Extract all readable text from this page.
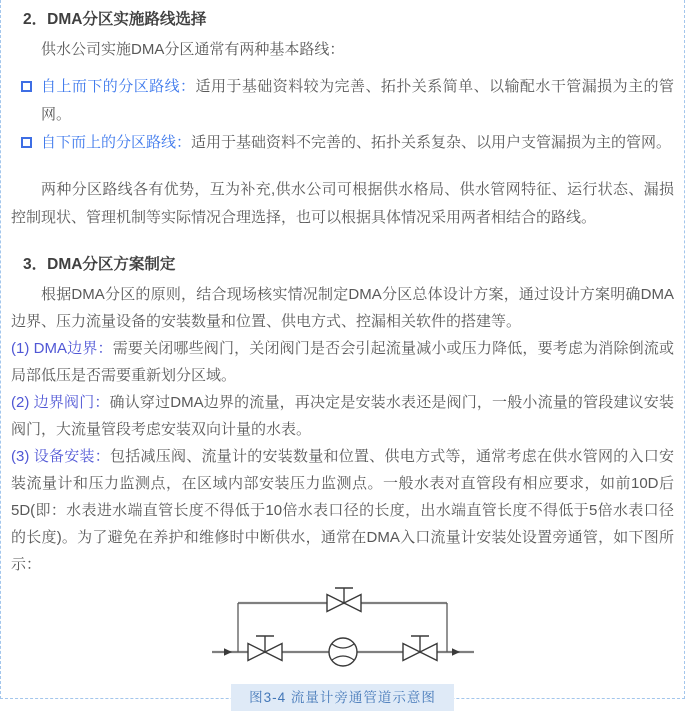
2．DMA分区实施路线选择

供水公司实施DMA分区通常有两种基本路线：

自上而下的分区路线：适用于基础资料较为完善、拓扑关系简单、以输配水干管漏损为主的管网。
自下而上的分区路线：适用于基础资料不完善的、拓扑关系复杂、以用户支管漏损为主的管网。

两种分区路线各有优势，互为补充,供水公司可根据供水格局、供水管网特征、运行状态、漏损控制现状、管理机制等实际情况合理选择，也可以根据具体情况采用两者相结合的路线。

3．DMA分区方案制定

根据DMA分区的原则，结合现场核实情况制定DMA分区总体设计方案，通过设计方案明确DMA边界、压力流量设备的安装数量和位置、供电方式、控漏相关软件的搭建等。

(1) DMA边界：需要关闭哪些阀门，关闭阀门是否会引起流量减小或压力降低，要考虑为消除倒流或局部低压是否需要重新划分区域。

(2) 边界阀门：确认穿过DMA边界的流量，再决定是安装水表还是阀门，一般小流量的管段建议安装阀门，大流量管段考虑安装双向计量的水表。

(3) 设备安装：包括减压阀、流量计的安装数量和位置、供电方式等，通常考虑在供水管网的入口安装流量计和压力监测点，在区域内部安装压力监测点。一般水表对直管段有相应要求，如前10D后5D(即：水表进水端直管长度不得低于10倍水表口径的长度，出水端直管长度不得低于5倍水表口径的长度)。为了避免在养护和维修时中断供水，通常在DMA入口流量计安装处设置旁通管，如下图所示：

图3-4 流量计旁通管道示意图
